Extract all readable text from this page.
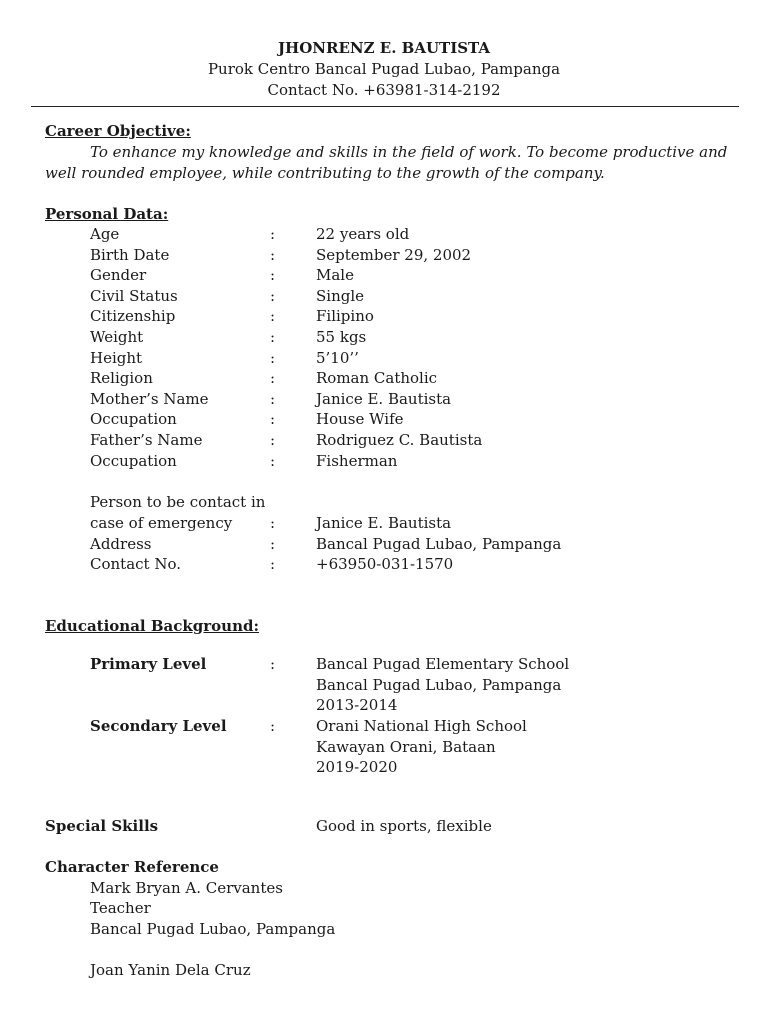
JHONRENZ E. BAUTISTA
Purok Centro Bancal Pugad Lubao, Pampanga
Contact No. +63981-314-2192
Career Objective:
To enhance my knowledge and skills in the field of work. To become productive and
well rounded employee, while contributing to the growth of the company.
Personal Data:
Age	:	22 years old
Birth Date	:	September 29, 2002
Gender	:	Male
Civil Status	:	Single
Citizenship	:	Filipino
Weight	:	55 kgs
Height	:	5’10’’
Religion	:	Roman Catholic
Mother’s Name	:	Janice E. Bautista
Occupation	:	House Wife
Father’s Name	:	Rodriguez C. Bautista
Occupation	:	Fisherman
Person to be contact in
case of emergency	:	Janice E. Bautista
Address	:	Bancal Pugad Lubao, Pampanga
Contact No.	:	+63950-031-1570
Educational Background:
Primary Level	:	Bancal Pugad Elementary School
Bancal Pugad Lubao, Pampanga
2013-2014
Secondary Level	:	Orani National High School
Kawayan Orani, Bataan
2019-2020
Special Skills	Good in sports, flexible
Character Reference
Mark Bryan A. Cervantes
Teacher
Bancal Pugad Lubao, Pampanga
Joan Yanin Dela Cruz
